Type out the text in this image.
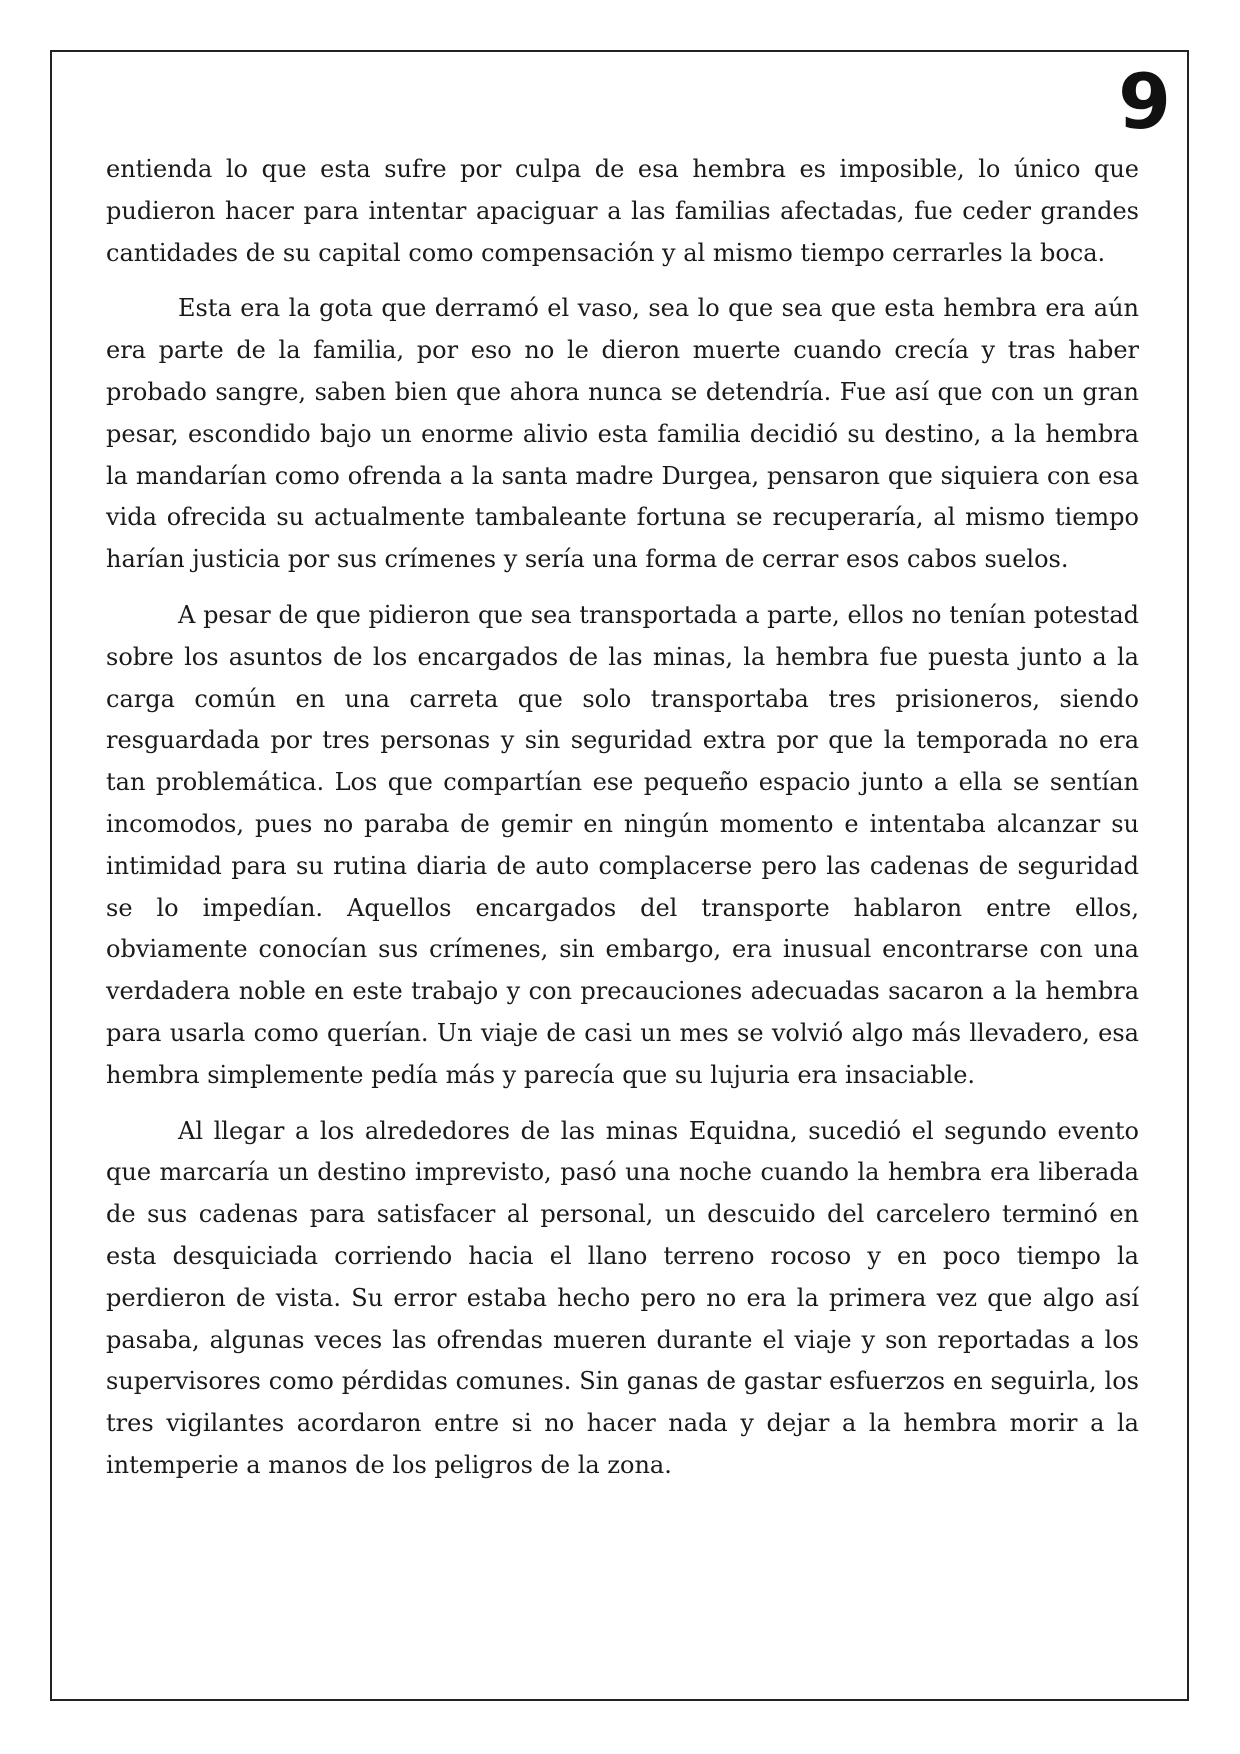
9

entienda lo que esta sufre por culpa de esa hembra es imposible, lo único que pudieron hacer para intentar apaciguar a las familias afectadas, fue ceder grandes cantidades de su capital como compensación y al mismo tiempo cerrarles la boca.

Esta era la gota que derramó el vaso, sea lo que sea que esta hembra era aún era parte de la familia, por eso no le dieron muerte cuando crecía y tras haber probado sangre, saben bien que ahora nunca se detendría. Fue así que con un gran pesar, escondido bajo un enorme alivio esta familia decidió su destino, a la hembra la mandarían como ofrenda a la santa madre Durgea, pensaron que siquiera con esa vida ofrecida su actualmente tambaleante fortuna se recuperaría, al mismo tiempo harían justicia por sus crímenes y sería una forma de cerrar esos cabos suelos.

A pesar de que pidieron que sea transportada a parte, ellos no tenían potestad sobre los asuntos de los encargados de las minas, la hembra fue puesta junto a la carga común en una carreta que solo transportaba tres prisioneros, siendo resguardada por tres personas y sin seguridad extra por que la temporada no era tan problemática. Los que compartían ese pequeño espacio junto a ella se sentían incomodos, pues no paraba de gemir en ningún momento e intentaba alcanzar su intimidad para su rutina diaria de auto complacerse pero las cadenas de seguridad se lo impedían. Aquellos encargados del transporte hablaron entre ellos, obviamente conocían sus crímenes, sin embargo, era inusual encontrarse con una verdadera noble en este trabajo y con precauciones adecuadas sacaron a la hembra para usarla como querían. Un viaje de casi un mes se volvió algo más llevadero, esa hembra simplemente pedía más y parecía que su lujuria era insaciable.

Al llegar a los alrededores de las minas Equidna, sucedió el segundo evento que marcaría un destino imprevisto, pasó una noche cuando la hembra era liberada de sus cadenas para satisfacer al personal, un descuido del carcelero terminó en esta desquiciada corriendo hacia el llano terreno rocoso y en poco tiempo la perdieron de vista. Su error estaba hecho pero no era la primera vez que algo así pasaba, algunas veces las ofrendas mueren durante el viaje y son reportadas a los supervisores como pérdidas comunes. Sin ganas de gastar esfuerzos en seguirla, los tres vigilantes acordaron entre si no hacer nada y dejar a la hembra morir a la intemperie a manos de los peligros de la zona.
